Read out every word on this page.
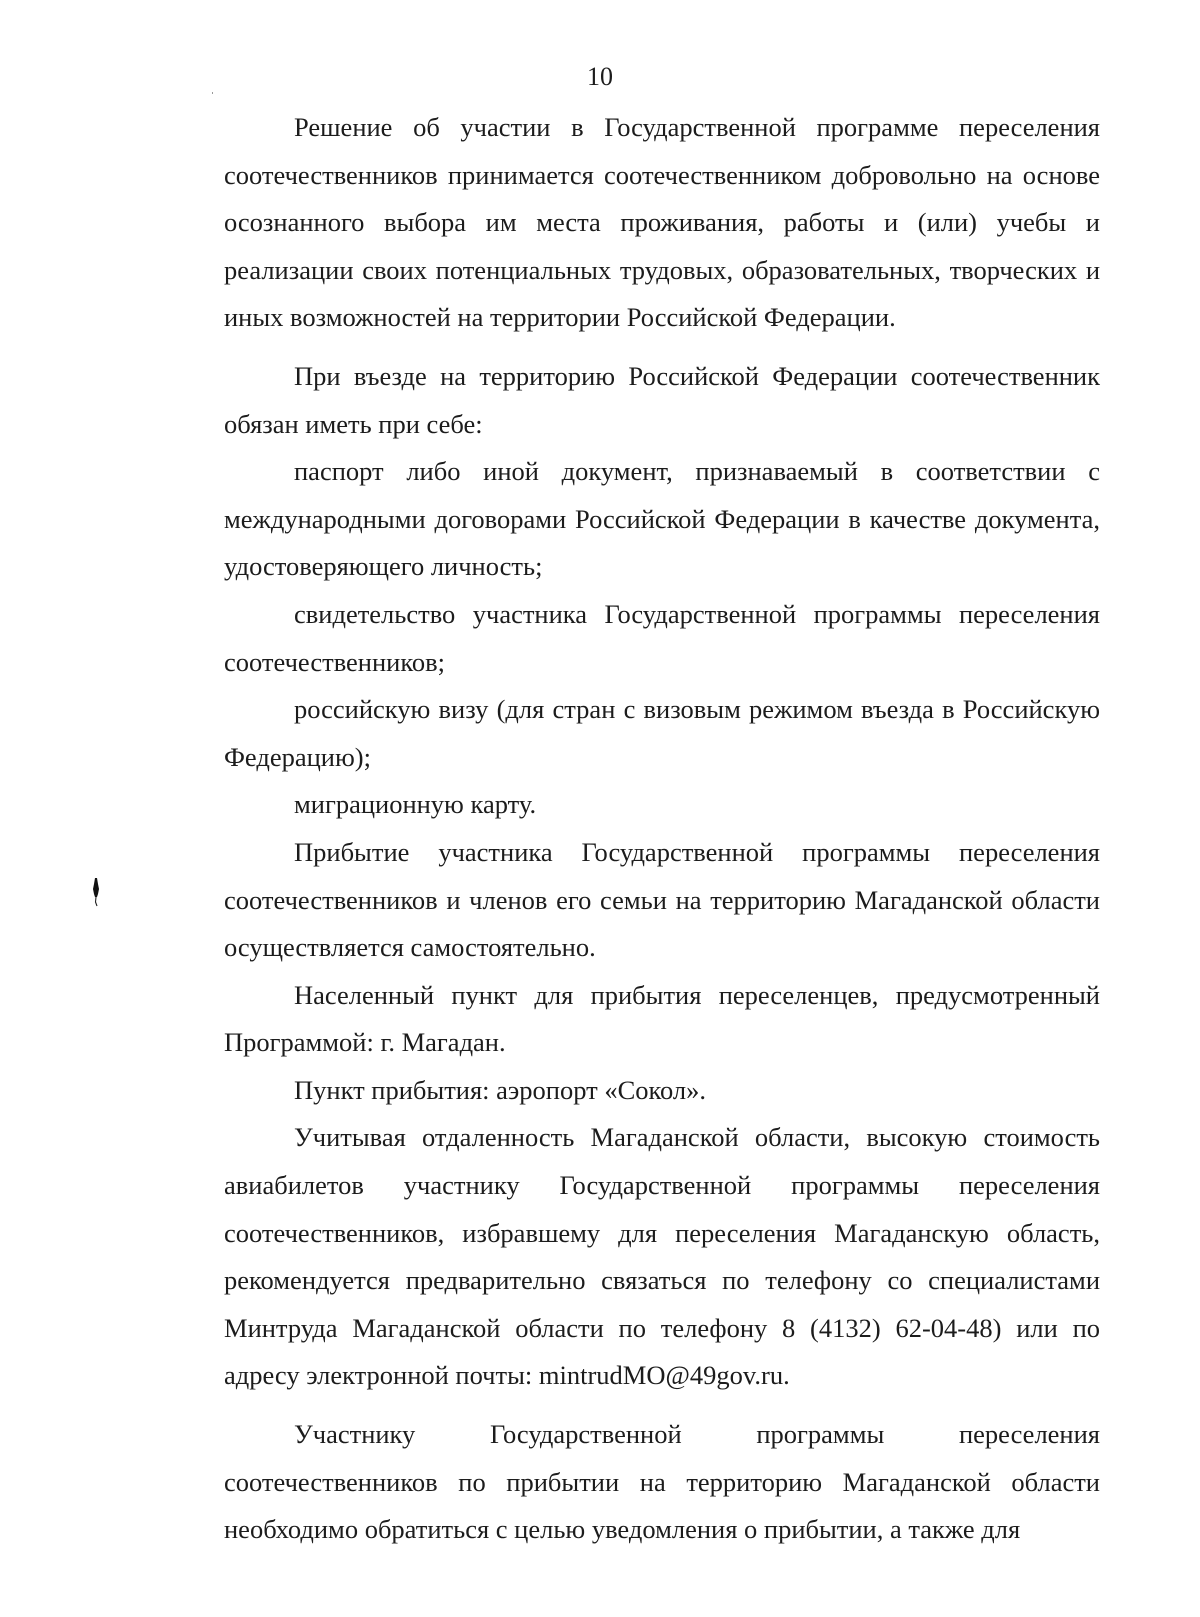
10

Решение об участии в Государственной программе переселения соотечественников принимается соотечественником добровольно на основе осознанного выбора им места проживания, работы и (или) учебы и реализации своих потенциальных трудовых, образовательных, творческих и иных возможностей на территории Российской Федерации.

При въезде на территорию Российской Федерации соотечественник обязан иметь при себе:

паспорт либо иной документ, признаваемый в соответствии с международными договорами Российской Федерации в качестве документа, удостоверяющего личность;

свидетельство участника Государственной программы переселения соотечественников;

российскую визу (для стран с визовым режимом въезда в Российскую Федерацию);

миграционную карту.

Прибытие участника Государственной программы переселения соотечественников и членов его семьи на территорию Магаданской области осуществляется самостоятельно.

Населенный пункт для прибытия переселенцев, предусмотренный Программой: г. Магадан.

Пункт прибытия: аэропорт «Сокол».

Учитывая отдаленность Магаданской области, высокую стоимость авиабилетов участнику Государственной программы переселения соотечественников, избравшему для переселения Магаданскую область, рекомендуется предварительно связаться по телефону со специалистами Минтруда Магаданской области по телефону 8 (4132) 62-04-48) или по адресу электронной почты: mintrudMO@49gov.ru.

Участнику Государственной программы переселения соотечественников по прибытии на территорию Магаданской области необходимо обратиться с целью уведомления о прибытии, а также для
